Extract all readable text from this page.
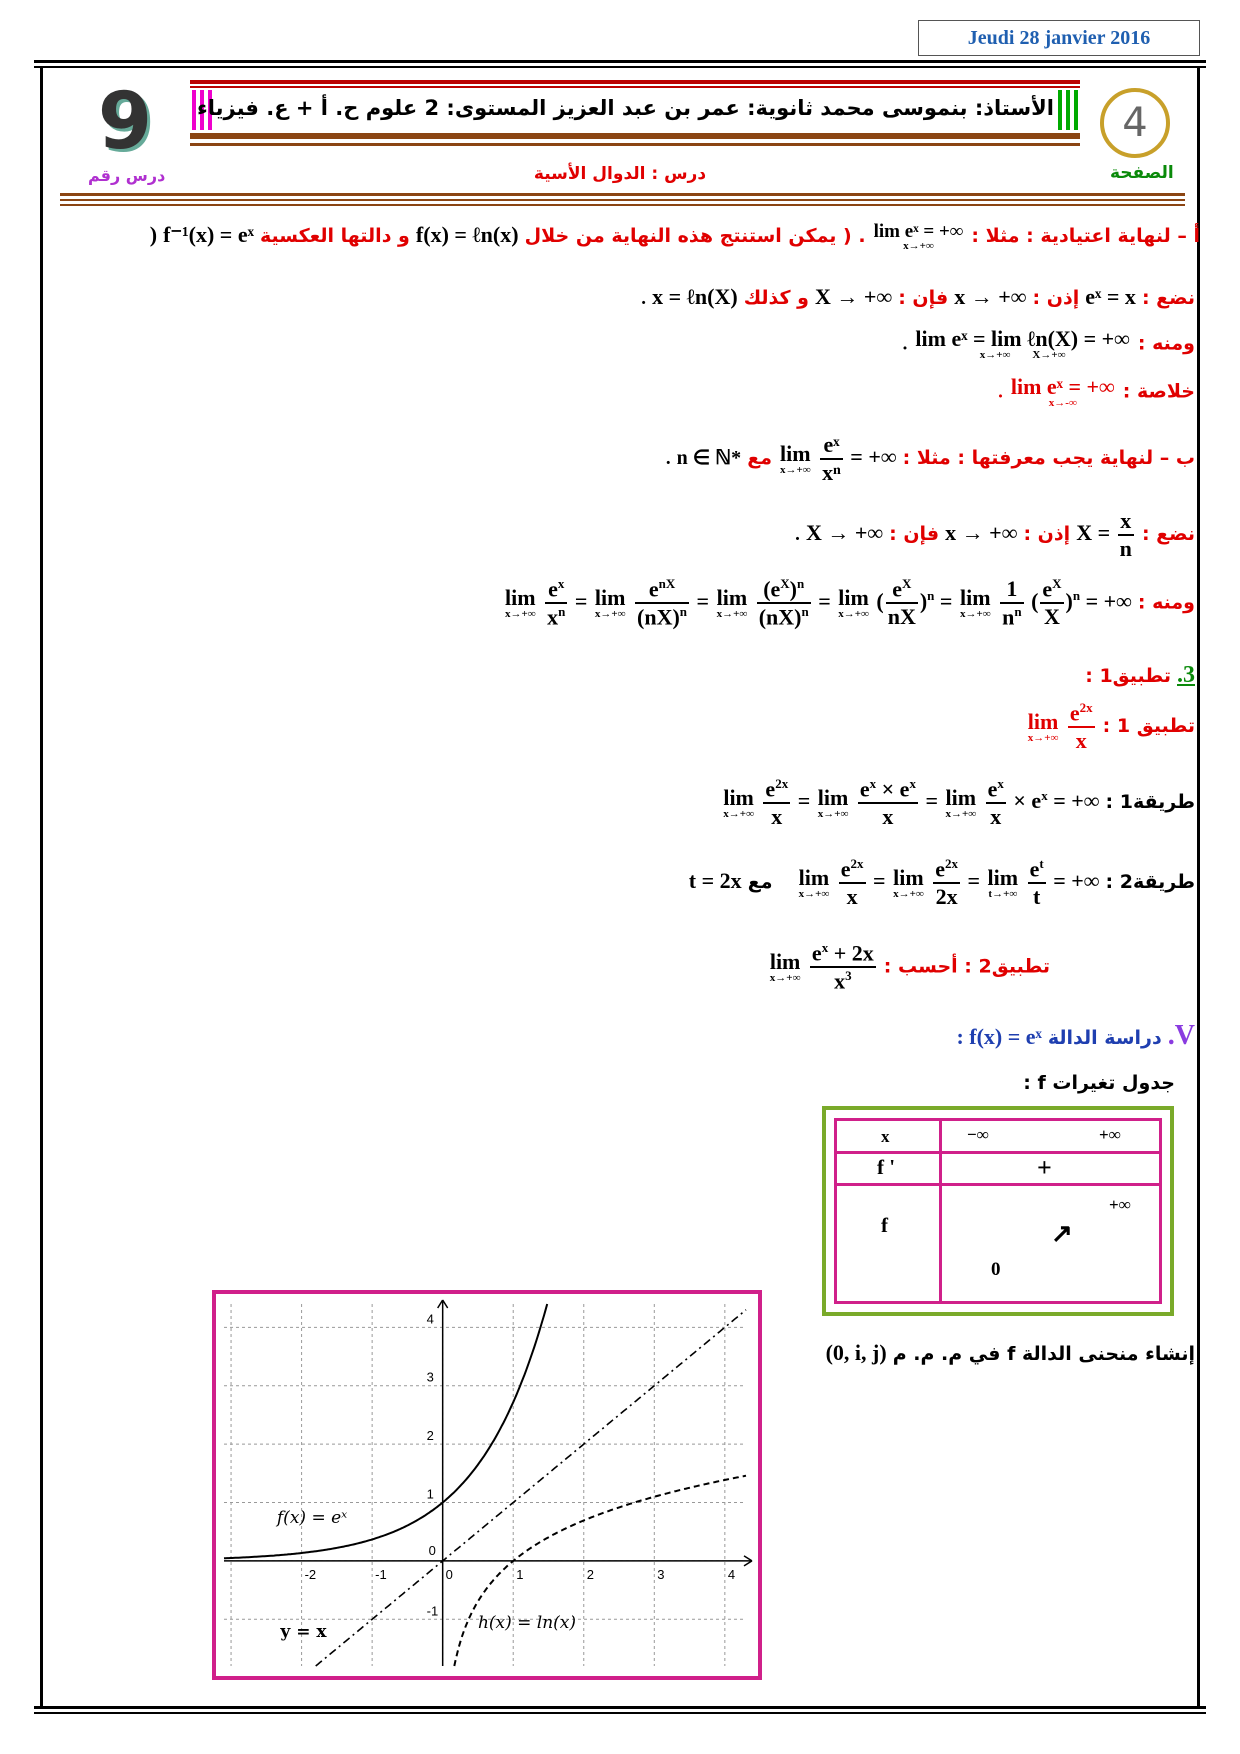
Jeudi 28 janvier 2016
الأستاذ: بنموسى محمد ثانوية: عمر بن عبد العزيز المستوى: 2 علوم ح. أ + ع. فيزياء	4
الصفحة
9
درس رقم	درس : الدوال الأسية
أ – لنهاية اعتيادية : مثلا : lim eˣ = +∞
x→+∞
. ( يمكن استنتج هذه النهاية من خلال f(x) = ℓn(x) و دالتها العكسية f⁻¹(x) = eˣ (
نضع : eˣ = x إذن : x → +∞ فإن : X → +∞ و كذلك x = ℓn(X) .
ومنه : lim eˣ = lim ℓn(X) = +∞
x→+∞ X→+∞
.
خلاصة : lim eˣ = +∞
x→-∞
.
ب – لنهاية يجب معرفتها : مثلا : lim
x→+∞
$\frac{\text{eˣ}}{\text{xⁿ}}$ = +∞ مع n ∈ ℕ* .
نضع : $X = \frac{x}{n}$
إذن : x → +∞ فإن : X → +∞ .
ومنه : lim
x→+∞
$\frac{e^x}{x^n} = \lim$
x→+∞
$\frac{e^{nX}}{(nX)^n} = \lim$
x→+∞
$\frac{(e^X)^n}{(nX)^n} = \lim$
x→+∞
( $\frac{e^X}{nX} )^n = \lim$
x→+∞
$\frac{1}{n^n}$ ( $\frac{e^X}{X} )^n$ = +∞
3. تطبيق1 :
تطبيق 1 : lim
x→+∞
$\frac{e^{2x}}{x}$
طريقة1 : lim
x→+∞
$\frac{e^{2x}}{x} = \lim$
x→+∞
$\frac{e^x \times e^x}{x} = \lim$
x→+∞
$\frac{e^x}{x} \times e^x$ = +∞
طريقة2 : lim
x→+∞
$\frac{e^{2x}}{x} = \lim$
x→+∞
$\frac{e^{2x}}{2x} = \lim$
t→+∞
$\frac{e^t}{t}$ = +∞    مع t = 2x
تطبيق2 : أحسب : lim
x→+∞
$\frac{e^x + 2x}{x^3}$
V. دراسة الدالة : f(x) = eˣ
جدول تغيرات f :
x	−∞	+∞
f '	+
f
+∞
↗
0
إنشاء منحنى الدالة f في م. م. م (0, i, j)
-2	-1	0	1	2	3	4
-1
0
1
2
3
4
f(x) = eˣ
y = x	h(x) = ln(x)
